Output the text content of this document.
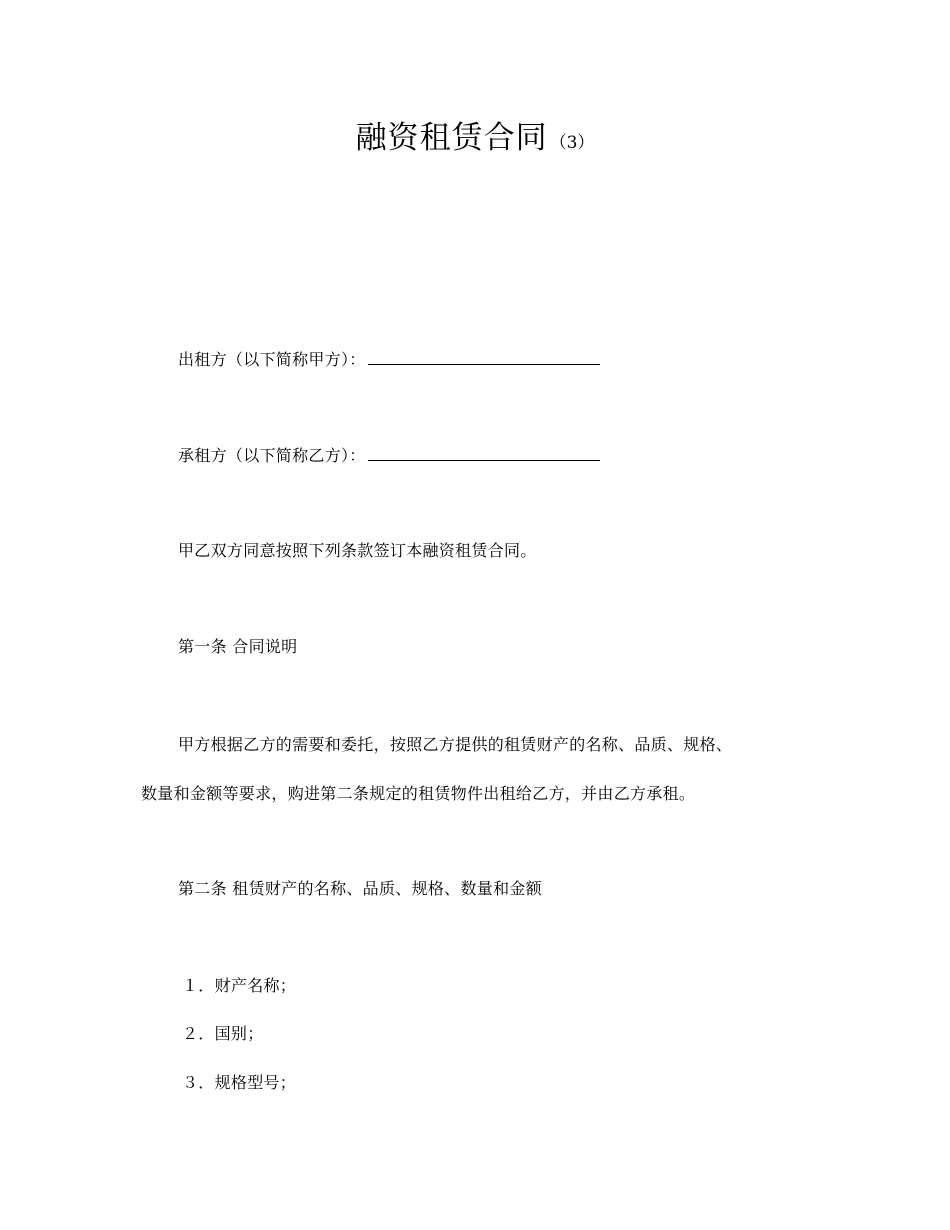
融资租赁合同 （3）
出租方（以下简称甲方）：
承租方（以下简称乙方）：
甲乙双方同意按照下列条款签订本融资租赁合同。
第一条 合同说明
甲方根据乙方的需要和委托，按照乙方提供的租赁财产的名称、品质、规格、
数量和金额等要求，购进第二条规定的租赁物件出租给乙方，并由乙方承租。
第二条 租赁财产的名称、品质、规格、数量和金额
１．财产名称；
２．国别；
３．规格型号；
